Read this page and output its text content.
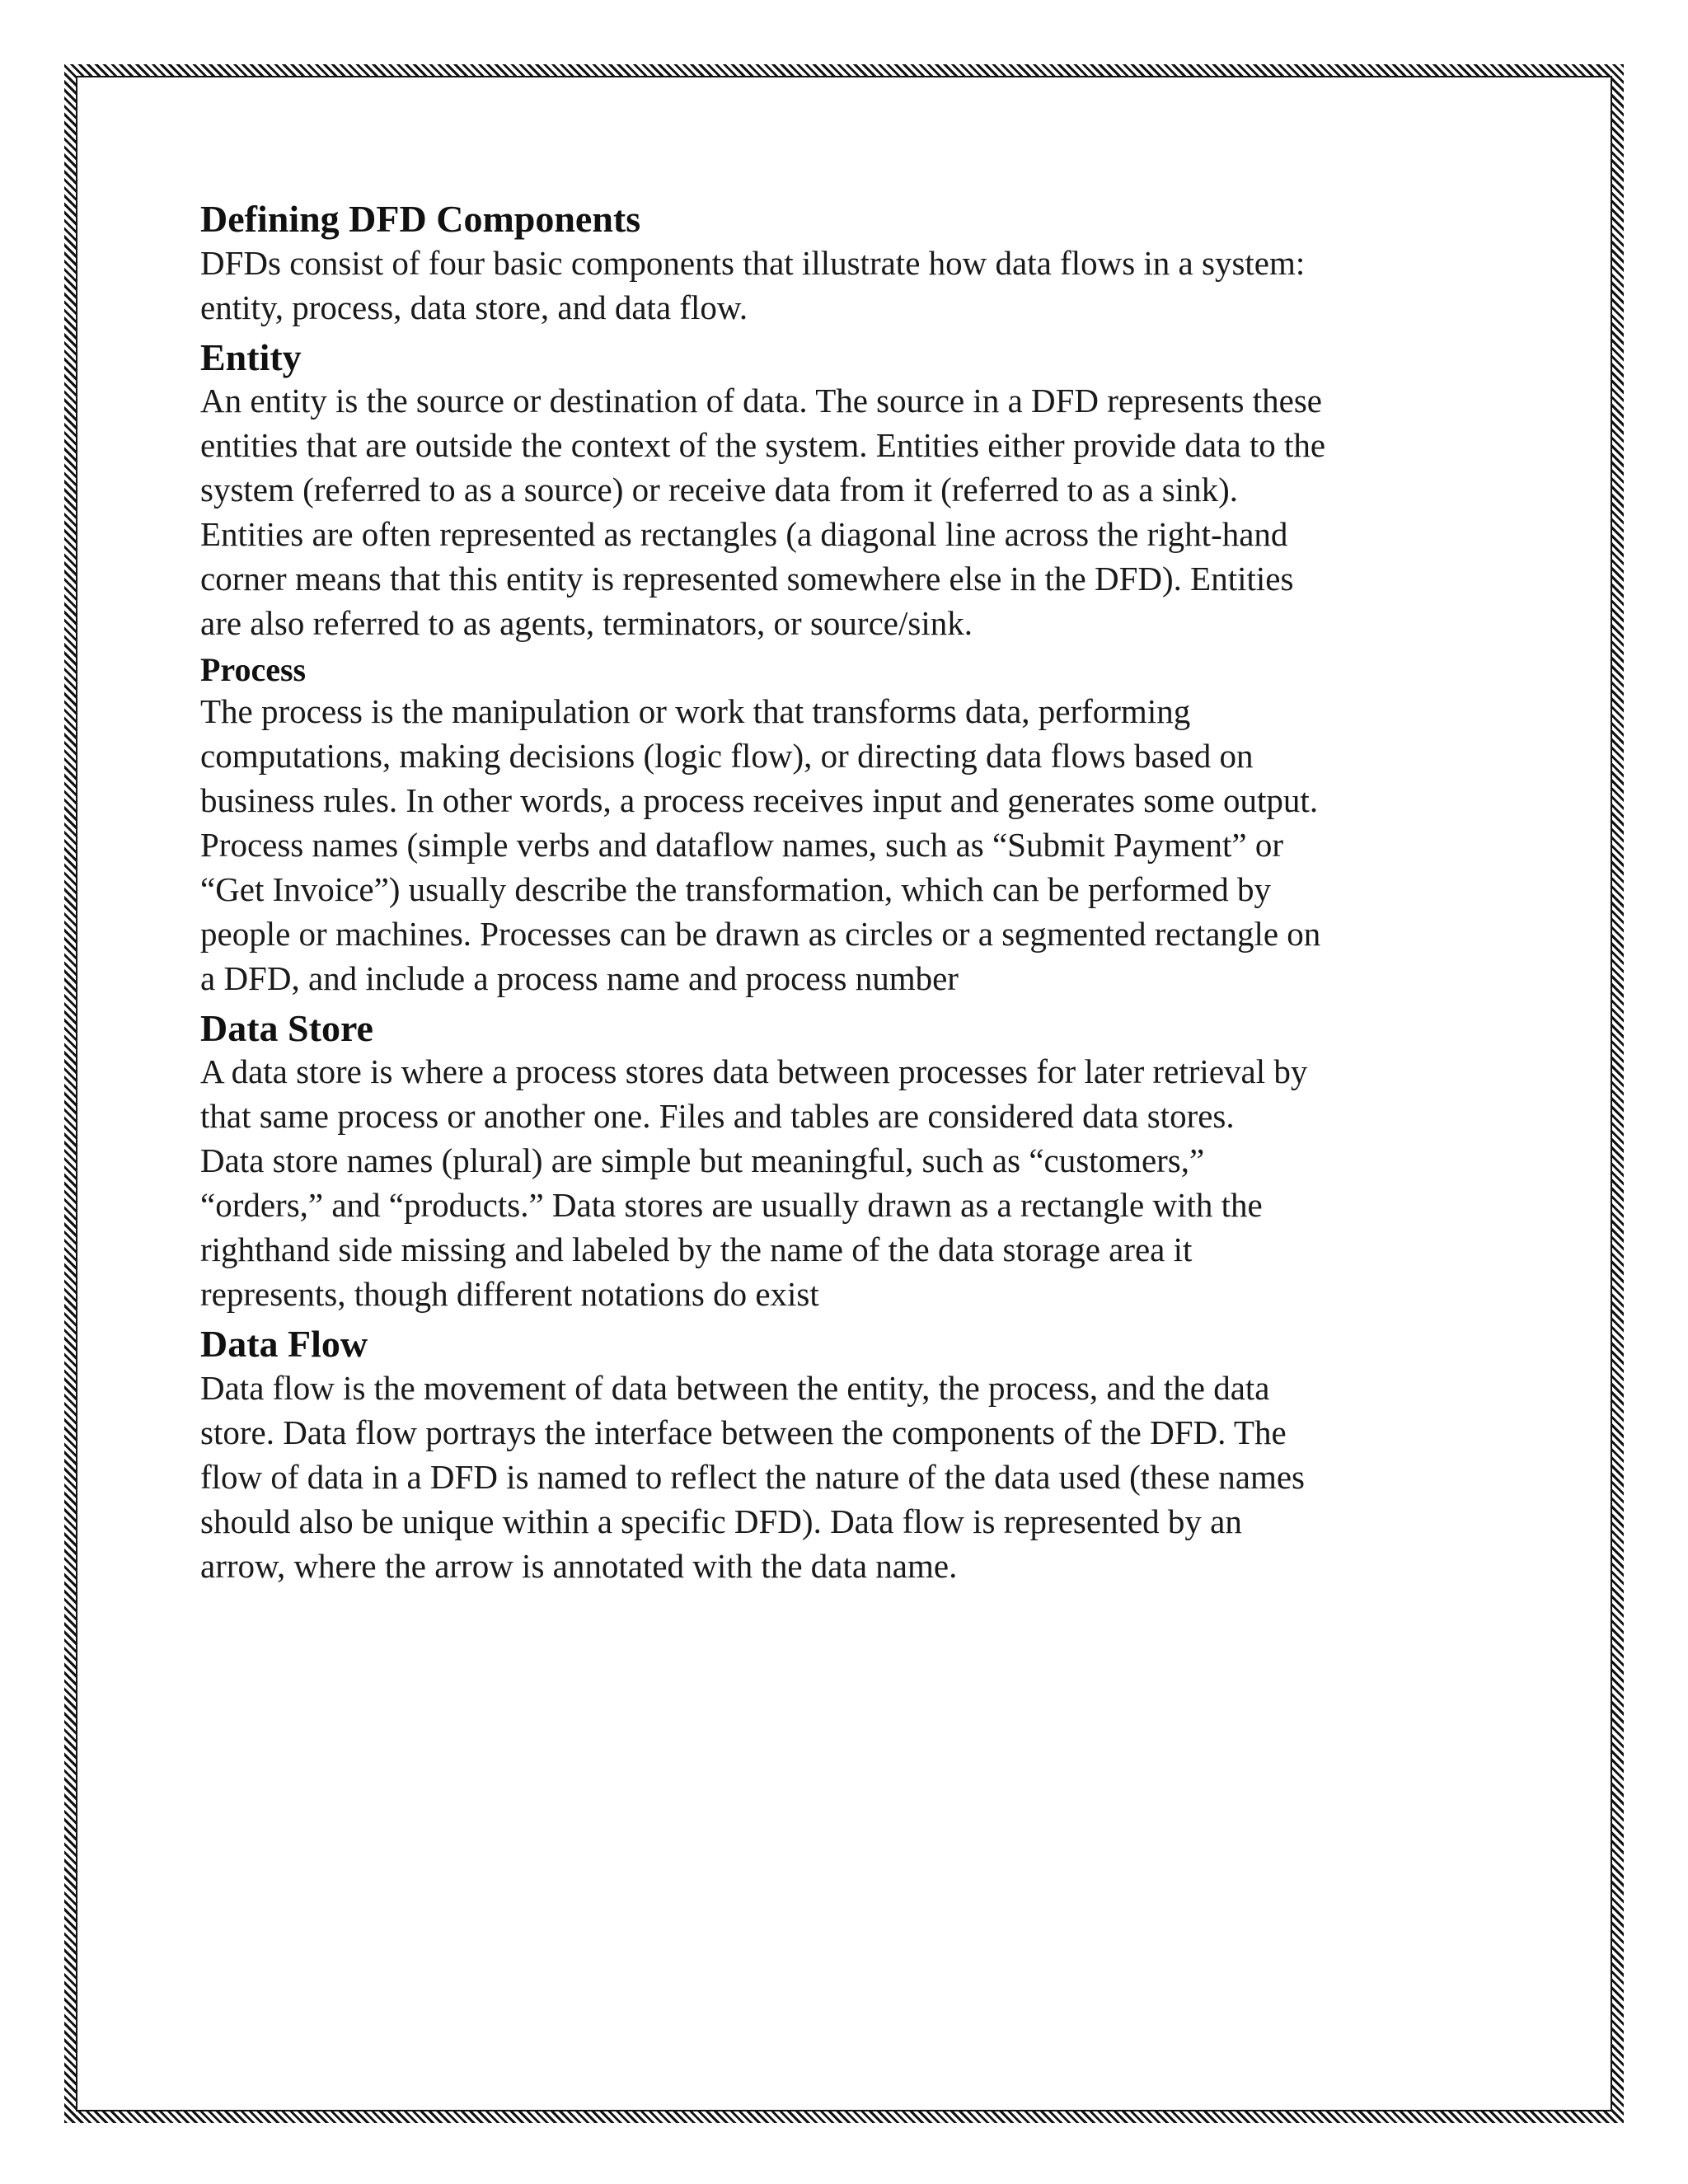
Defining DFD Components

DFDs consist of four basic components that illustrate how data flows in a system:

entity, process, data store, and data flow.

Entity

An entity is the source or destination of data. The source in a DFD represents these

entities that are outside the context of the system. Entities either provide data to the

system (referred to as a source) or receive data from it (referred to as a sink).

Entities are often represented as rectangles (a diagonal line across the right-hand

corner means that this entity is represented somewhere else in the DFD). Entities

are also referred to as agents, terminators, or source/sink.

Process

The process is the manipulation or work that transforms data, performing

computations, making decisions (logic flow), or directing data flows based on

business rules. In other words, a process receives input and generates some output.

Process names (simple verbs and dataflow names, such as “Submit Payment” or

“Get Invoice”) usually describe the transformation, which can be performed by

people or machines. Processes can be drawn as circles or a segmented rectangle on

a DFD, and include a process name and process number

Data Store

A data store is where a process stores data between processes for later retrieval by

that same process or another one. Files and tables are considered data stores.

Data store names (plural) are simple but meaningful, such as “customers,”

“orders,” and “products.” Data stores are usually drawn as a rectangle with the

righthand side missing and labeled by the name of the data storage area it

represents, though different notations do exist

Data Flow

Data flow is the movement of data between the entity, the process, and the data

store. Data flow portrays the interface between the components of the DFD. The

flow of data in a DFD is named to reflect the nature of the data used (these names

should also be unique within a specific DFD). Data flow is represented by an

arrow, where the arrow is annotated with the data name.
